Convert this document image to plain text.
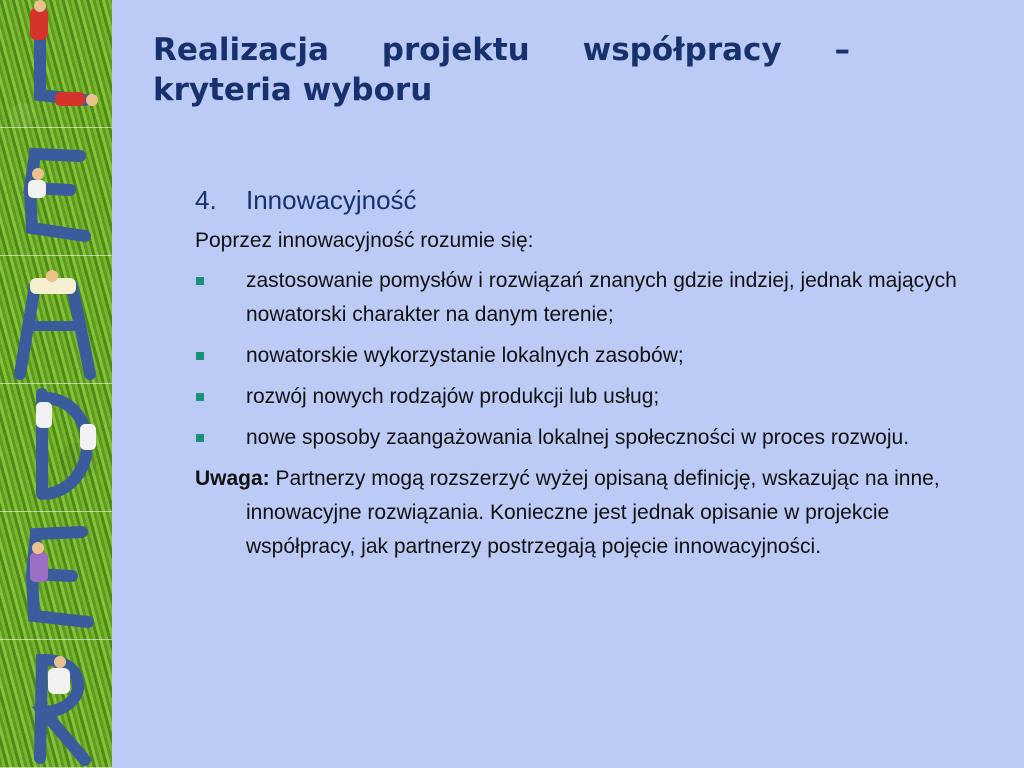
Realizacja projektu współpracy –
kryteria wyboru
4.	Innowacyjność
Poprzez innowacyjność rozumie się:
zastosowanie pomysłów i rozwiązań znanych gdzie indziej, jednak mających nowatorski charakter na danym terenie;
nowatorskie wykorzystanie lokalnych zasobów;
rozwój nowych rodzajów produkcji lub usług;
nowe sposoby zaangażowania lokalnej społeczności w proces rozwoju.
Uwaga: Partnerzy mogą rozszerzyć wyżej opisaną definicję, wskazując na inne, innowacyjne rozwiązania. Konieczne jest jednak opisanie w projekcie współpracy, jak partnerzy postrzegają pojęcie innowacyjności.
